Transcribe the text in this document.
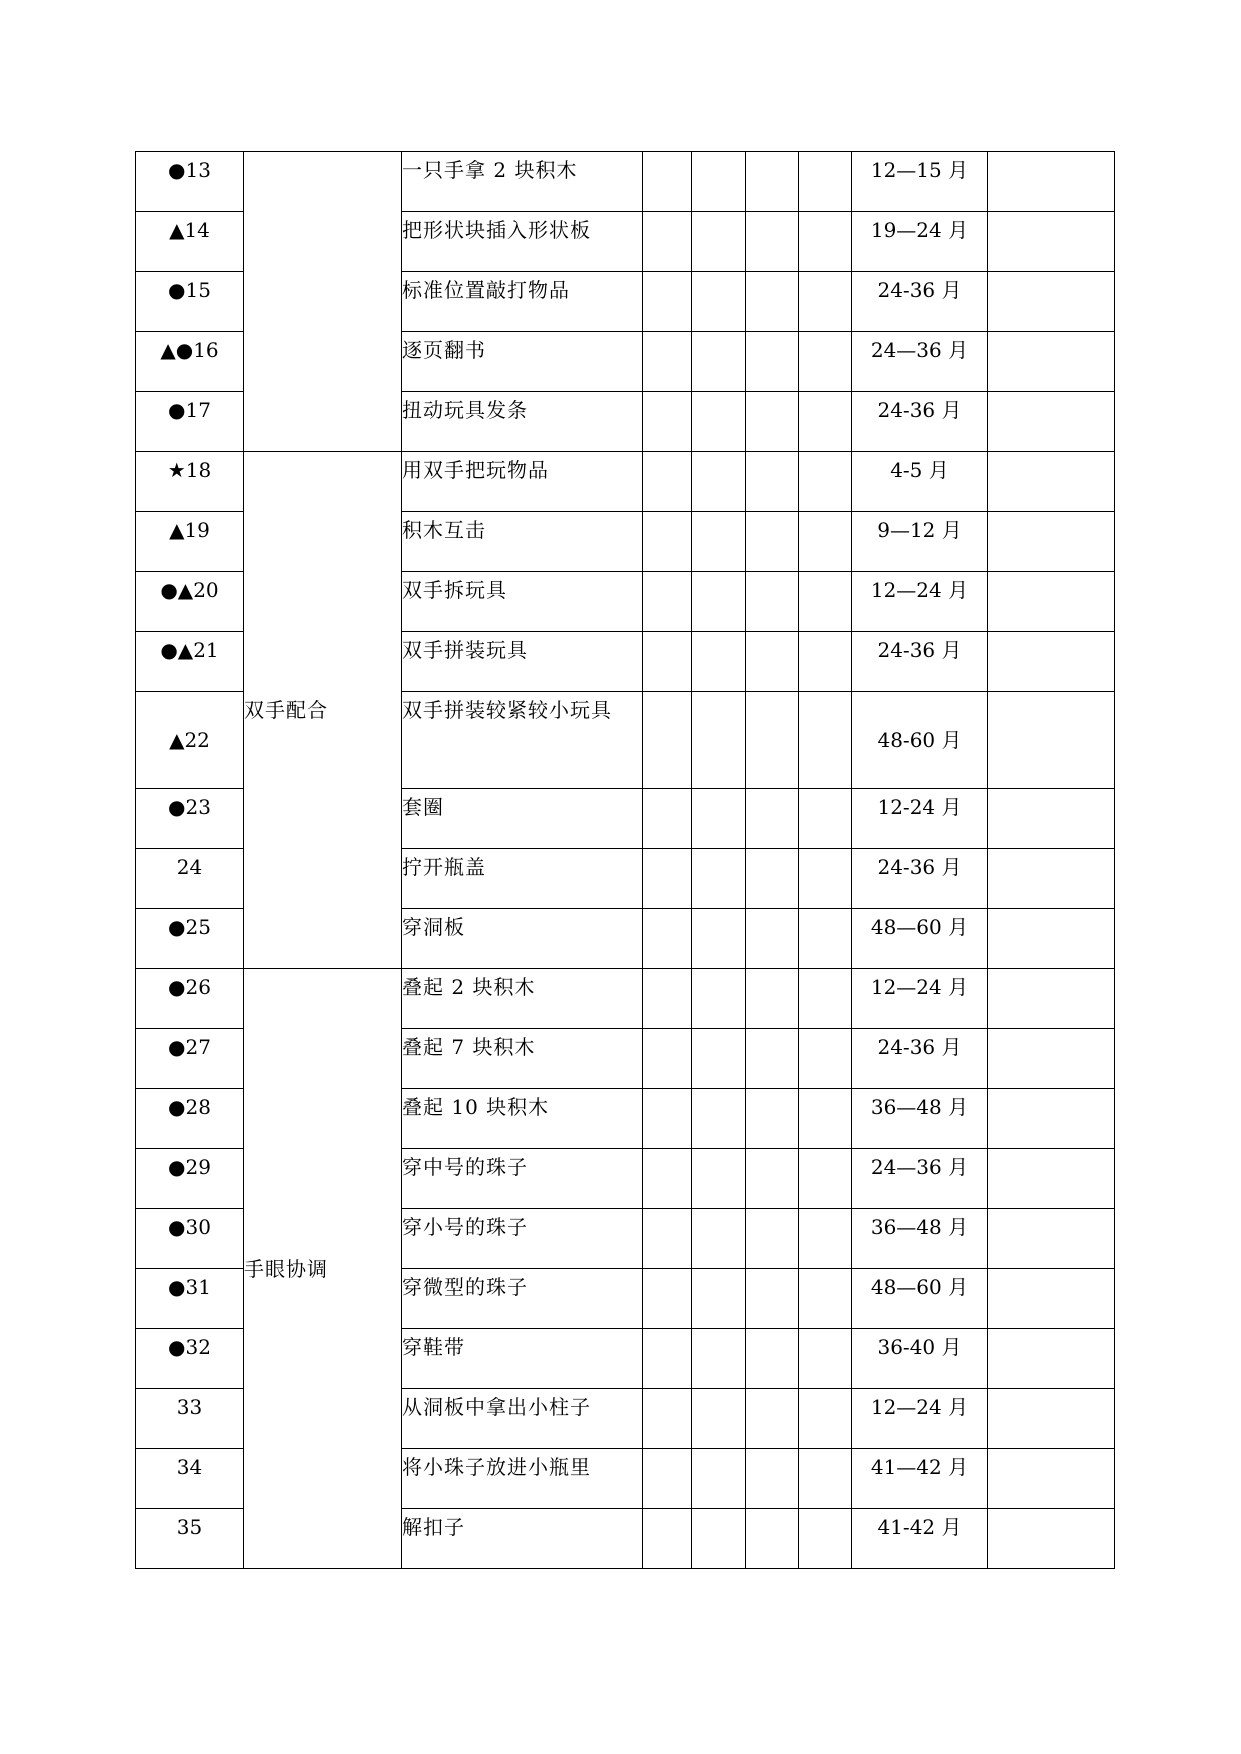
●13		一只手拿 2 块积木					12—15 月	
▲14		把形状块插入形状板					19—24 月	
●15		标准位置敲打物品					24-36 月	
▲●16		逐页翻书					24—36 月	
●17		扭动玩具发条					24-36 月	
★18	双手配合	用双手把玩物品					4-5 月	
▲19		积木互击					9—12 月	
●▲20		双手拆玩具					12—24 月	
●▲21		双手拼装玩具					24-36 月	
▲22		双手拼装较紧较小玩具					48-60 月	
●23		套圈					12-24 月	
24		拧开瓶盖					24-36 月	
●25		穿洞板					48—60 月	
●26	手眼协调	叠起 2 块积木					12—24 月	
●27		叠起 7 块积木					24-36 月	
●28		叠起 10 块积木					36—48 月	
●29		穿中号的珠子					24—36 月	
●30		穿小号的珠子					36—48 月	
●31		穿微型的珠子					48—60 月	
●32		穿鞋带					36-40 月	
33		从洞板中拿出小柱子					12—24 月	
34		将小珠子放进小瓶里					41—42 月	
35		解扣子					41-42 月	
